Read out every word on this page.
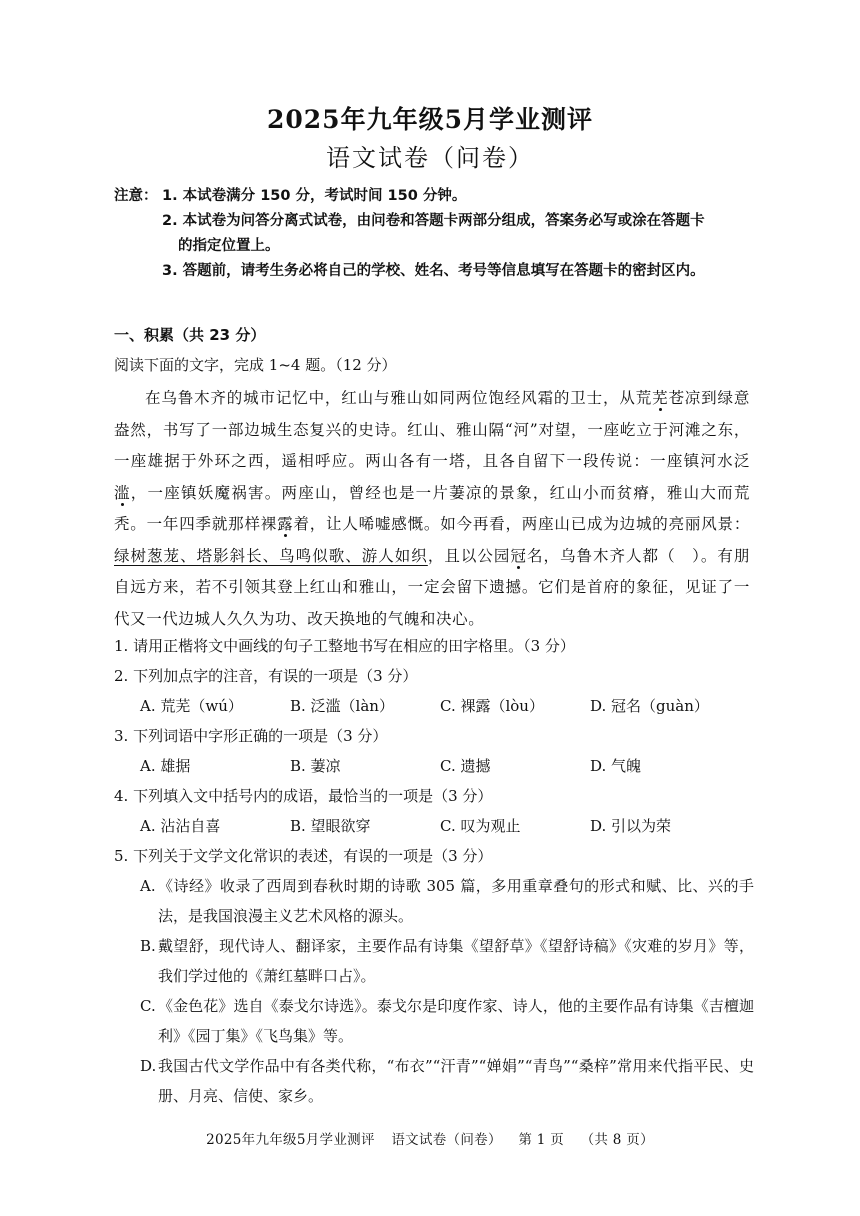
2025年九年级5月学业测评
语文试卷（问卷）
注意： 1. 本试卷满分 150 分，考试时间 150 分钟。
2. 本试卷为问答分离式试卷，由问卷和答题卡两部分组成，答案务必写或涂在答题卡
的指定位置上。
3. 答题前，请考生务必将自己的学校、姓名、考号等信息填写在答题卡的密封区内。
一、积累（共 23 分）
阅读下面的文字，完成 1~4 题。（12 分）

在乌鲁木齐的城市记忆中，红山与雅山如同两位饱经风霜的卫士，从荒芜苍凉到绿意盎然，书写了一部边城生态复兴的史诗。红山、雅山隔“河”对望，一座屹立于河滩之东，一座雄据于外环之西，遥相呼应。两山各有一塔，且各自留下一段传说：一座镇河水泛滥，一座镇妖魔祸害。两座山，曾经也是一片萋凉的景象，红山小而贫瘠，雅山大而荒秃。一年四季就那样裸露着，让人唏嘘感慨。如今再看，两座山已成为边城的亮丽风景：绿树葱茏、塔影斜长、鸟鸣似歌、游人如织，且以公园冠名，乌鲁木齐人都（　）。有朋自远方来，若不引领其登上红山和雅山，一定会留下遗撼。它们是首府的象征，见证了一代又一代边城人久久为功、改天换地的气魄和决心。

1. 请用正楷将文中画线的句子工整地书写在相应的田字格里。（3 分）
2. 下列加点字的注音，有误的一项是（3 分）
A. 荒芜（wú）	B. 泛滥（làn）	C. 裸露（lòu）	D. 冠名（guàn）
3. 下列词语中字形正确的一项是（3 分）
A. 雄据	B. 萋凉	C. 遗撼	D. 气魄
4. 下列填入文中括号内的成语，最恰当的一项是（3 分）
A. 沾沾自喜	B. 望眼欲穿	C. 叹为观止	D. 引以为荣
5. 下列关于文学文化常识的表述，有误的一项是（3 分）
A. 《诗经》收录了西周到春秋时期的诗歌 305 篇，多用重章叠句的形式和赋、比、兴的手法，是我国浪漫主义艺术风格的源头。
B. 戴望舒，现代诗人、翻译家，主要作品有诗集《望舒草》《望舒诗稿》《灾难的岁月》等，我们学过他的《萧红墓畔口占》。
C. 《金色花》选自《泰戈尔诗选》。泰戈尔是印度作家、诗人，他的主要作品有诗集《吉檀迦利》《园丁集》《飞鸟集》等。
D. 我国古代文学作品中有各类代称，“布衣”“汗青”“婵娟”“青鸟”“桑梓”常用来代指平民、史册、月亮、信使、家乡。
2025年九年级5月学业测评 语文试卷（问卷） 第 1 页 （共 8 页）
